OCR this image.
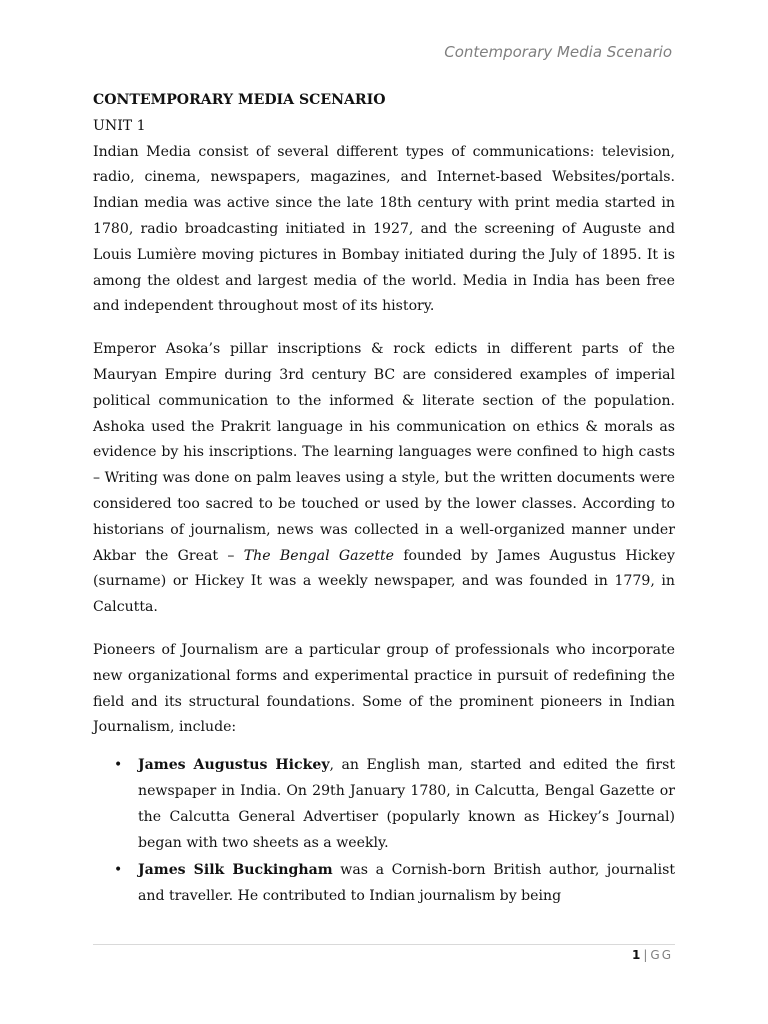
Contemporary Media Scenario

CONTEMPORARY MEDIA SCENARIO

UNIT 1

Indian Media consist of several different types of communications: television, radio, cinema, newspapers, magazines, and Internet-based Websites/portals. Indian media was active since the late 18th century with print media started in 1780, radio broadcasting initiated in 1927, and the screening of Auguste and Louis Lumière moving pictures in Bombay initiated during the July of 1895. It is among the oldest and largest media of the world. Media in India has been free and independent throughout most of its history.

Emperor Asoka’s pillar inscriptions & rock edicts in different parts of the Mauryan Empire during 3rd century BC are considered examples of imperial political communication to the informed & literate section of the population. Ashoka used the Prakrit language in his communication on ethics & morals as evidence by his inscriptions. The learning languages were confined to high casts – Writing was done on palm leaves using a style, but the written documents were considered too sacred to be touched or used by the lower classes. According to historians of journalism, news was collected in a well-organized manner under Akbar the Great – The Bengal Gazette founded by James Augustus Hickey (surname) or Hickey It was a weekly newspaper, and was founded in 1779, in Calcutta.

Pioneers of Journalism are a particular group of professionals who incorporate new organizational forms and experimental practice in pursuit of redefining the field and its structural foundations. Some of the prominent pioneers in Indian Journalism, include:

• James Augustus Hickey, an English man, started and edited the first newspaper in India. On 29th January 1780, in Calcutta, Bengal Gazette or the Calcutta General Advertiser (popularly known as Hickey’s Journal) began with two sheets as a weekly.
• James Silk Buckingham was a Cornish-born British author, journalist and traveller. He contributed to Indian journalism by being
1 | GG
